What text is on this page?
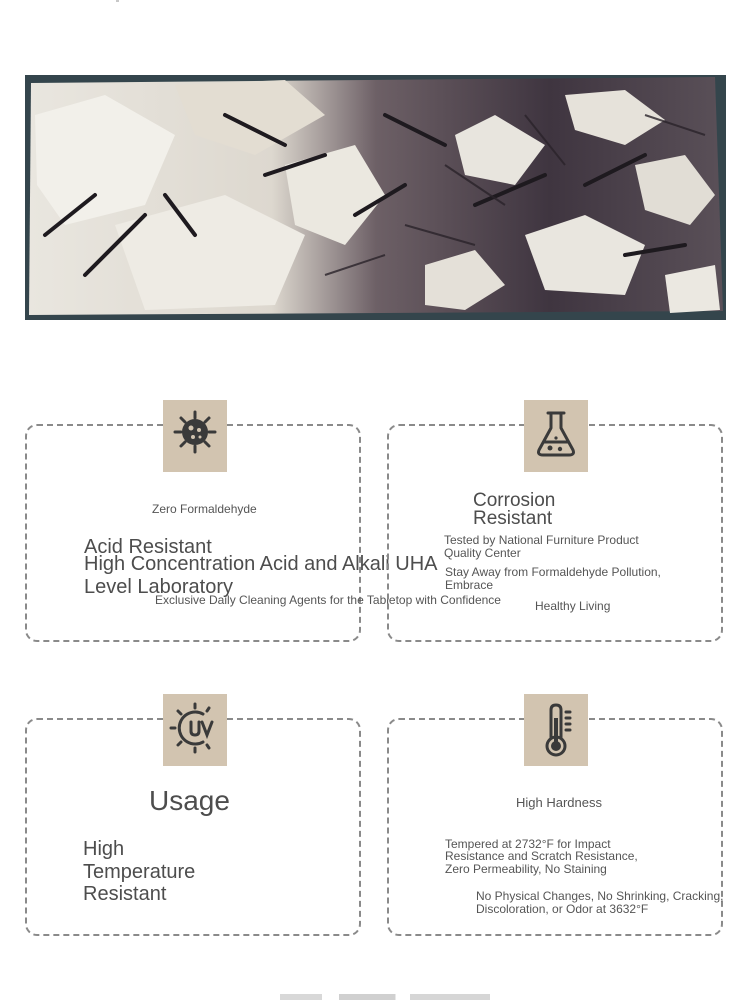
Zero Formaldehyde
Acid Resistant
High Concentration Acid and Alkali UHA
Level Laboratory
Exclusive Daily Cleaning Agents for the Tabletop with Confidence
Corrosion
Resistant
Tested by National Furniture Product
Quality Center
Stay Away from Formaldehyde Pollution,
Embrace
Healthy Living
Usage
High
Temperature
Resistant
High Hardness
Tempered at 2732°F for Impact
Resistance and Scratch Resistance,
Zero Permeability, No Staining
No Physical Changes, No Shrinking, Cracking,
Discoloration, or Odor at 3632°F
